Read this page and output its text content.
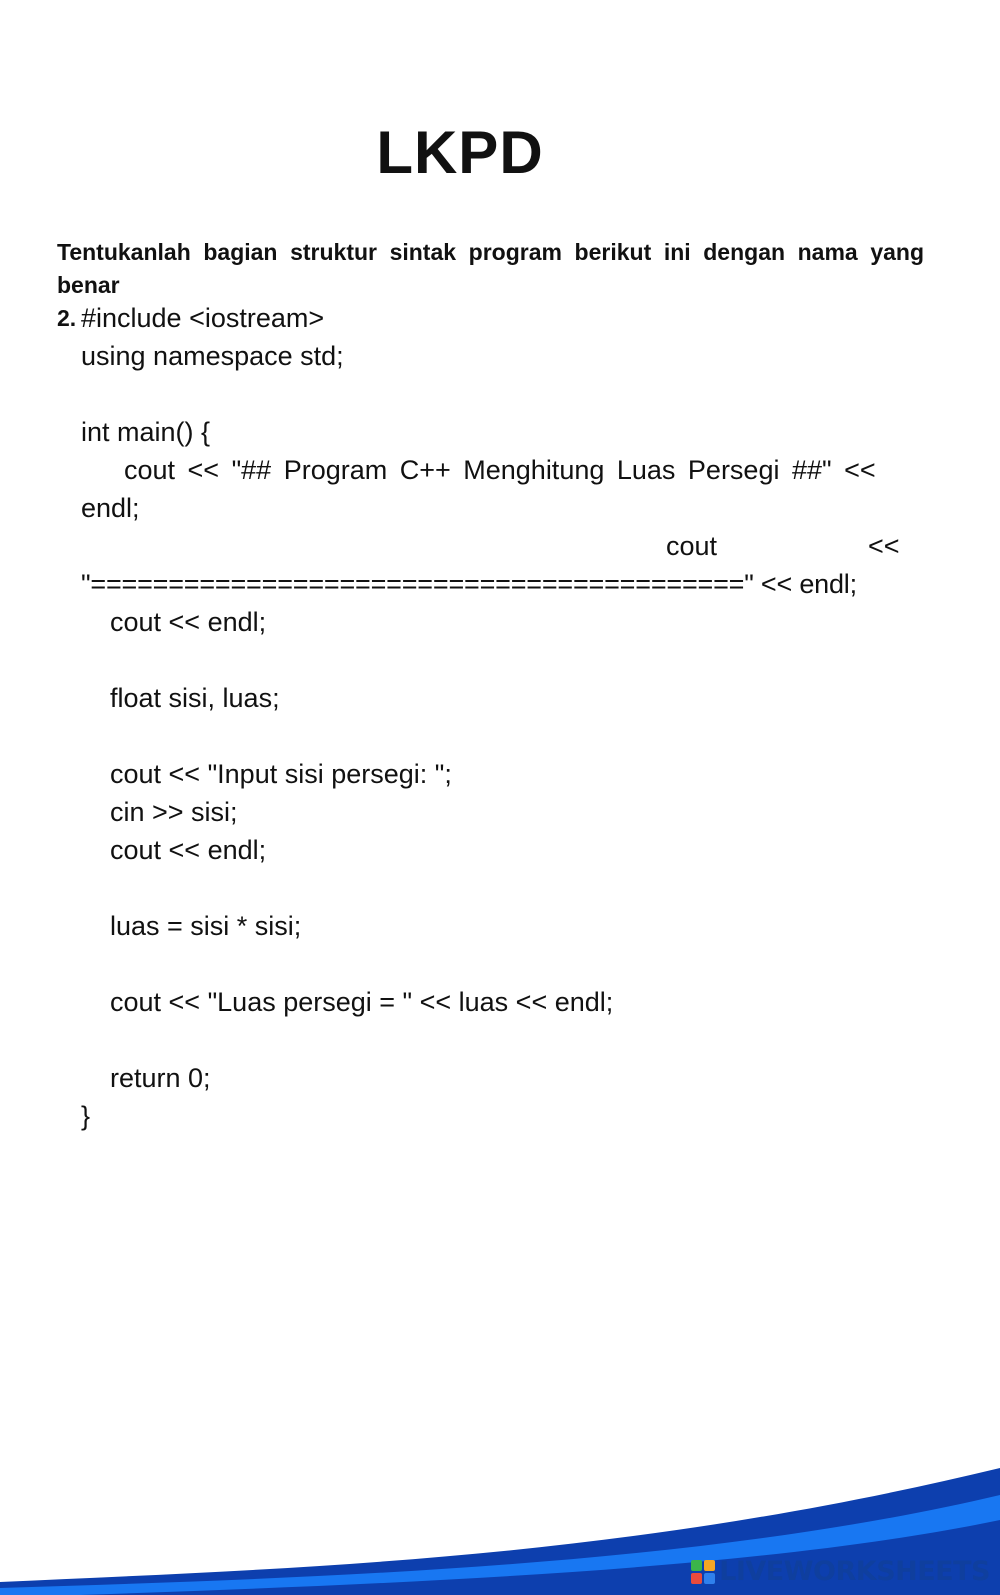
LKPD
Tentukanlah bagian struktur sintak program berikut ini dengan nama yang benar
2. #include <iostream>
using namespace std;
int main() {
cout << "## Program C++ Menghitung Luas Persegi ##" <<
endl;
cout	<<
"==========================================" << endl;
cout << endl;
float sisi, luas;
cout << "Input sisi persegi: ";
cin >> sisi;
cout << endl;
luas = sisi * sisi;
cout << "Luas persegi = " << luas << endl;
return 0;
}
LIVEWORKSHEETS
